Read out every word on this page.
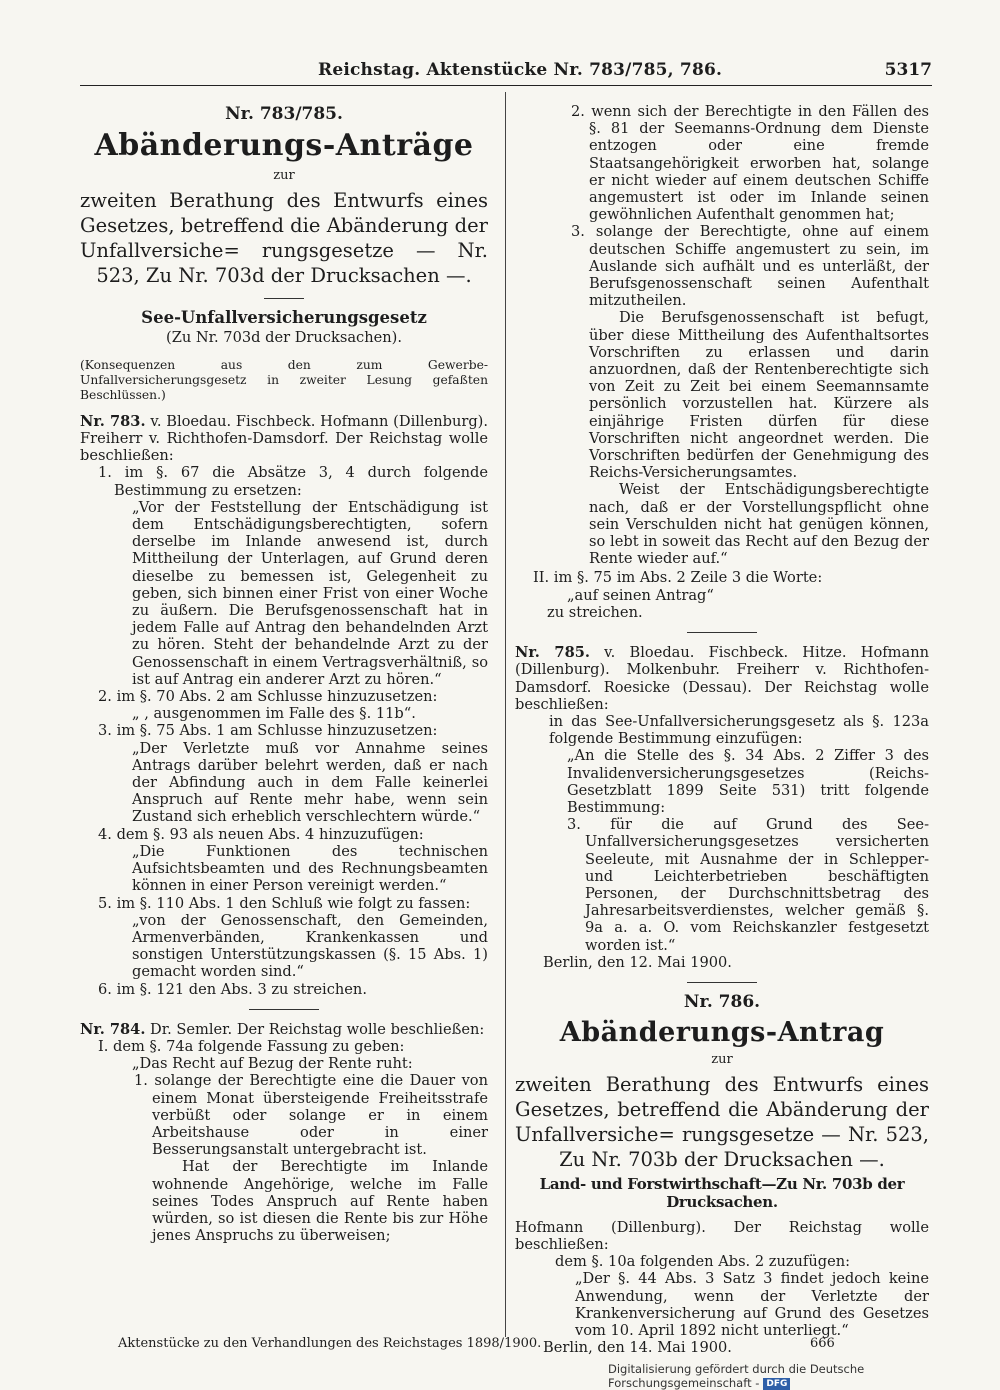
Reichstag. Aktenstücke Nr. 783/785, 786.	5317
Nr. 783/785.
Abänderungs-Anträge
zur

zweiten Berathung des Entwurfs eines Gesetzes, betreffend die Abänderung der Unfallversiche= rungsgesetze — Nr. 523, Zu Nr. 703d der Drucksachen —.

See-Unfallversicherungsgesetz
(Zu Nr. 703d der Drucksachen).

(Konsequenzen aus den zum Gewerbe-Unfallversicherungsgesetz in zweiter Lesung gefaßten Beschlüssen.)

Nr. 783. v. Bloedau. Fischbeck. Hofmann (Dillenburg). Freiherr v. Richthofen-Damsdorf. Der Reichstag wolle beschließen:

1. im §. 67 die Absätze 3, 4 durch folgende Bestimmung zu ersetzen:

„Vor der Feststellung der Entschädigung ist dem Entschädigungsberechtigten, sofern derselbe im Inlande anwesend ist, durch Mittheilung der Unterlagen, auf Grund deren dieselbe zu bemessen ist, Gelegenheit zu geben, sich binnen einer Frist von einer Woche zu äußern. Die Berufsgenossenschaft hat in jedem Falle auf Antrag den behandelnden Arzt zu hören. Steht der behandelnde Arzt zu der Genossenschaft in einem Vertragsverhältniß, so ist auf Antrag ein anderer Arzt zu hören.“

2. im §. 70 Abs. 2 am Schlusse hinzuzusetzen:

„ , ausgenommen im Falle des §. 11b“.

3. im §. 75 Abs. 1 am Schlusse hinzuzusetzen:

„Der Verletzte muß vor Annahme seines Antrags darüber belehrt werden, daß er nach der Abfindung auch in dem Falle keinerlei Anspruch auf Rente mehr habe, wenn sein Zustand sich erheblich verschlechtern würde.“

4. dem §. 93 als neuen Abs. 4 hinzuzufügen:

„Die Funktionen des technischen Aufsichtsbeamten und des Rechnungsbeamten können in einer Person vereinigt werden.“

5. im §. 110 Abs. 1 den Schluß wie folgt zu fassen:

„von der Genossenschaft, den Gemeinden, Armenverbänden, Krankenkassen und sonstigen Unterstützungskassen (§. 15 Abs. 1) gemacht worden sind.“

6. im §. 121 den Abs. 3 zu streichen.

Nr. 784. Dr. Semler. Der Reichstag wolle beschließen:

I. dem §. 74a folgende Fassung zu geben:

„Das Recht auf Bezug der Rente ruht:

1. solange der Berechtigte eine die Dauer von einem Monat übersteigende Freiheitsstrafe verbüßt oder solange er in einem Arbeitshause oder in einer Besserungsanstalt untergebracht ist.

Hat der Berechtigte im Inlande wohnende Angehörige, welche im Falle seines Todes Anspruch auf Rente haben würden, so ist diesen die Rente bis zur Höhe jenes Anspruchs zu überweisen;

2. wenn sich der Berechtigte in den Fällen des §. 81 der Seemanns-Ordnung dem Dienste entzogen oder eine fremde Staatsangehörigkeit erworben hat, solange er nicht wieder auf einem deutschen Schiffe angemustert ist oder im Inlande seinen gewöhnlichen Aufenthalt genommen hat;

3. solange der Berechtigte, ohne auf einem deutschen Schiffe angemustert zu sein, im Auslande sich aufhält und es unterläßt, der Berufsgenossenschaft seinen Aufenthalt mitzutheilen.

Die Berufsgenossenschaft ist befugt, über diese Mittheilung des Aufenthaltsortes Vorschriften zu erlassen und darin anzuordnen, daß der Rentenberechtigte sich von Zeit zu Zeit bei einem Seemannsamte persönlich vorzustellen hat. Kürzere als einjährige Fristen dürfen für diese Vorschriften nicht angeordnet werden. Die Vorschriften bedürfen der Genehmigung des Reichs-Versicherungsamtes.

Weist der Entschädigungsberechtigte nach, daß er der Vorstellungspflicht ohne sein Verschulden nicht hat genügen können, so lebt in soweit das Recht auf den Bezug der Rente wieder auf.“

II. im §. 75 im Abs. 2 Zeile 3 die Worte:

„auf seinen Antrag“

zu streichen.

Nr. 785. v. Bloedau. Fischbeck. Hitze. Hofmann (Dillenburg). Molkenbuhr. Freiherr v. Richthofen-Damsdorf. Roesicke (Dessau). Der Reichstag wolle beschließen:

in das See-Unfallversicherungsgesetz als §. 123a folgende Bestimmung einzufügen:

„An die Stelle des §. 34 Abs. 2 Ziffer 3 des Invalidenversicherungsgesetzes (Reichs-Gesetzblatt 1899 Seite 531) tritt folgende Bestimmung:

3. für die auf Grund des See-Unfallversicherungsgesetzes versicherten Seeleute, mit Ausnahme der in Schlepper- und Leichterbetrieben beschäftigten Personen, der Durchschnittsbetrag des Jahresarbeitsverdienstes, welcher gemäß §. 9a a. a. O. vom Reichskanzler festgesetzt worden ist.“

Berlin, den 12. Mai 1900.

Nr. 786.
Abänderungs-Antrag
zur

zweiten Berathung des Entwurfs eines Gesetzes, betreffend die Abänderung der Unfallversiche= rungsgesetze — Nr. 523, Zu Nr. 703b der Drucksachen —.

Land- und Forstwirthschaft—Zu Nr. 703b der Drucksachen.

Hofmann (Dillenburg). Der Reichstag wolle beschließen:

dem §. 10a folgenden Abs. 2 zuzufügen:

„Der §. 44 Abs. 3 Satz 3 findet jedoch keine Anwendung, wenn der Verletzte der Krankenversicherung auf Grund des Gesetzes vom 10. April 1892 nicht unterliegt.“

Berlin, den 14. Mai 1900.

Aktenstücke zu den Verhandlungen des Reichstages 1898/1900.	666
Digitalisierung gefördert durch die Deutsche Forschungsgemeinschaft - DFG
